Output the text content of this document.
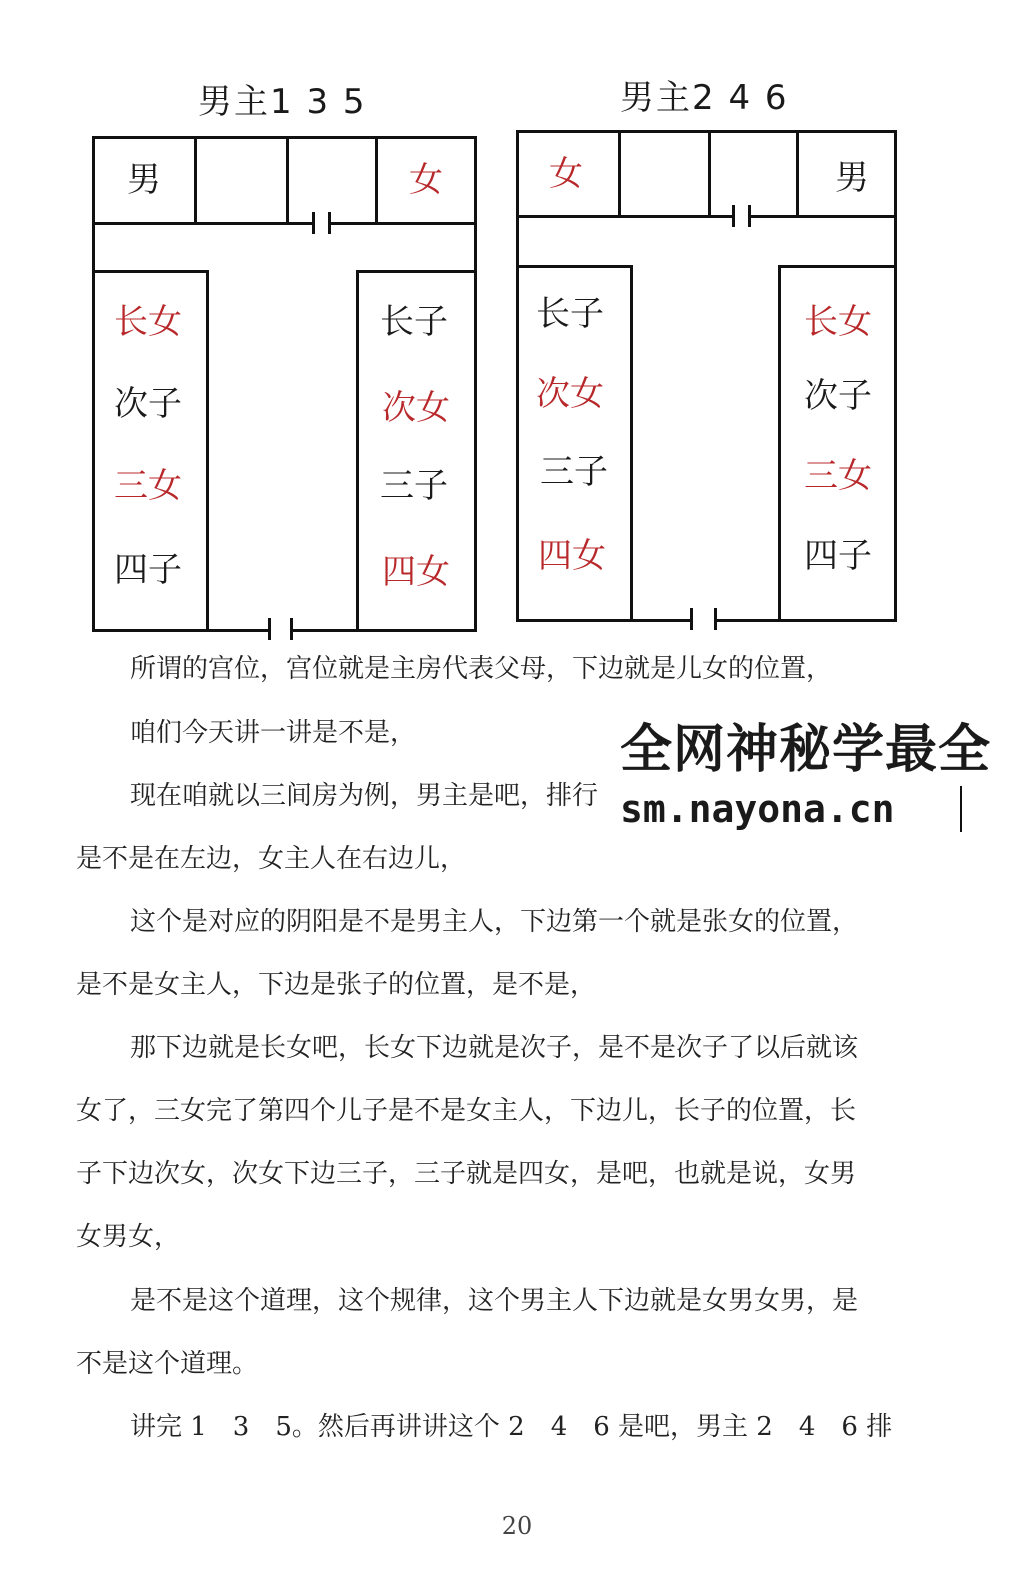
男主1 3 5
男	女
长女
次子
三女
四子
长子
次女
三子
四女
男主2 4 6
女	男
长子
次女
三子
四女
长女
次子
三女
四子

所谓的宫位，宫位就是主房代表父母，下边就是儿女的位置，

咱们今天讲一讲是不是，

现在咱就以三间房为例，男主是吧，排行

是不是在左边，女主人在右边儿，

这个是对应的阴阳是不是男主人，下边第一个就是张女的位置，

是不是女主人，下边是张子的位置，是不是，

那下边就是长女吧，长女下边就是次子，是不是次子了以后就该

女了，三女完了第四个儿子是不是女主人，下边儿，长子的位置，长

子下边次女，次女下边三子，三子就是四女，是吧，也就是说，女男

女男女，

是不是这个道理，这个规律，这个男主人下边就是女男女男，是

不是这个道理。

讲完 1　3　5。然后再讲讲这个 2　4　6 是吧，男主 2　4　6 排

全网神秘学最全
sm.nayona.cn
20
